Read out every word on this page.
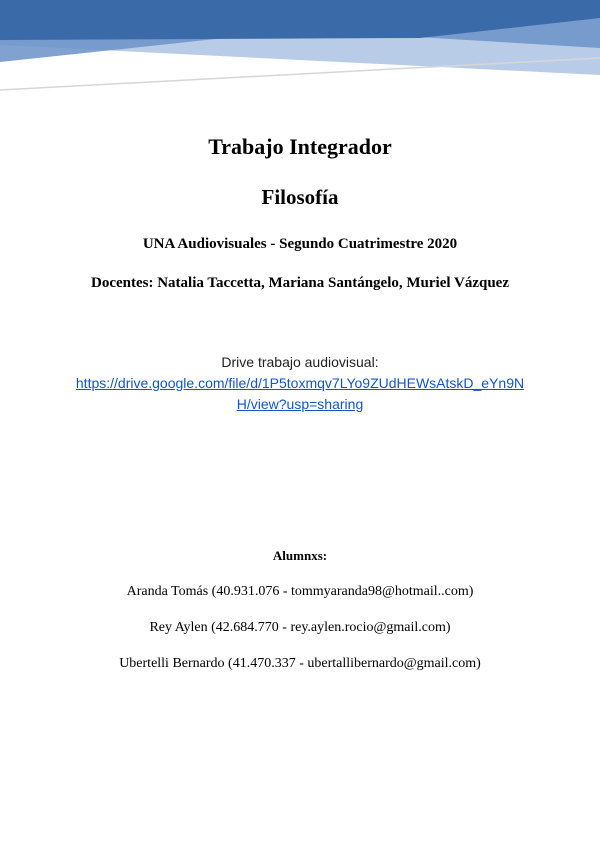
Trabajo Integrador
Filosofía
UNA Audiovisuales - Segundo Cuatrimestre 2020
Docentes: Natalia Taccetta, Mariana Santángelo, Muriel Vázquez
Drive trabajo audiovisual:
https://drive.google.com/file/d/1P5toxmqv7LYo9ZUdHEWsAtskD_eYn9NH/view?usp=sharing
Alumnxs:
Aranda Tomás (40.931.076 - tommyaranda98@hotmail..com)
Rey Aylen (42.684.770 - rey.aylen.rocio@gmail.com)
Ubertelli Bernardo (41.470.337 - ubertallibernardo@gmail.com)
